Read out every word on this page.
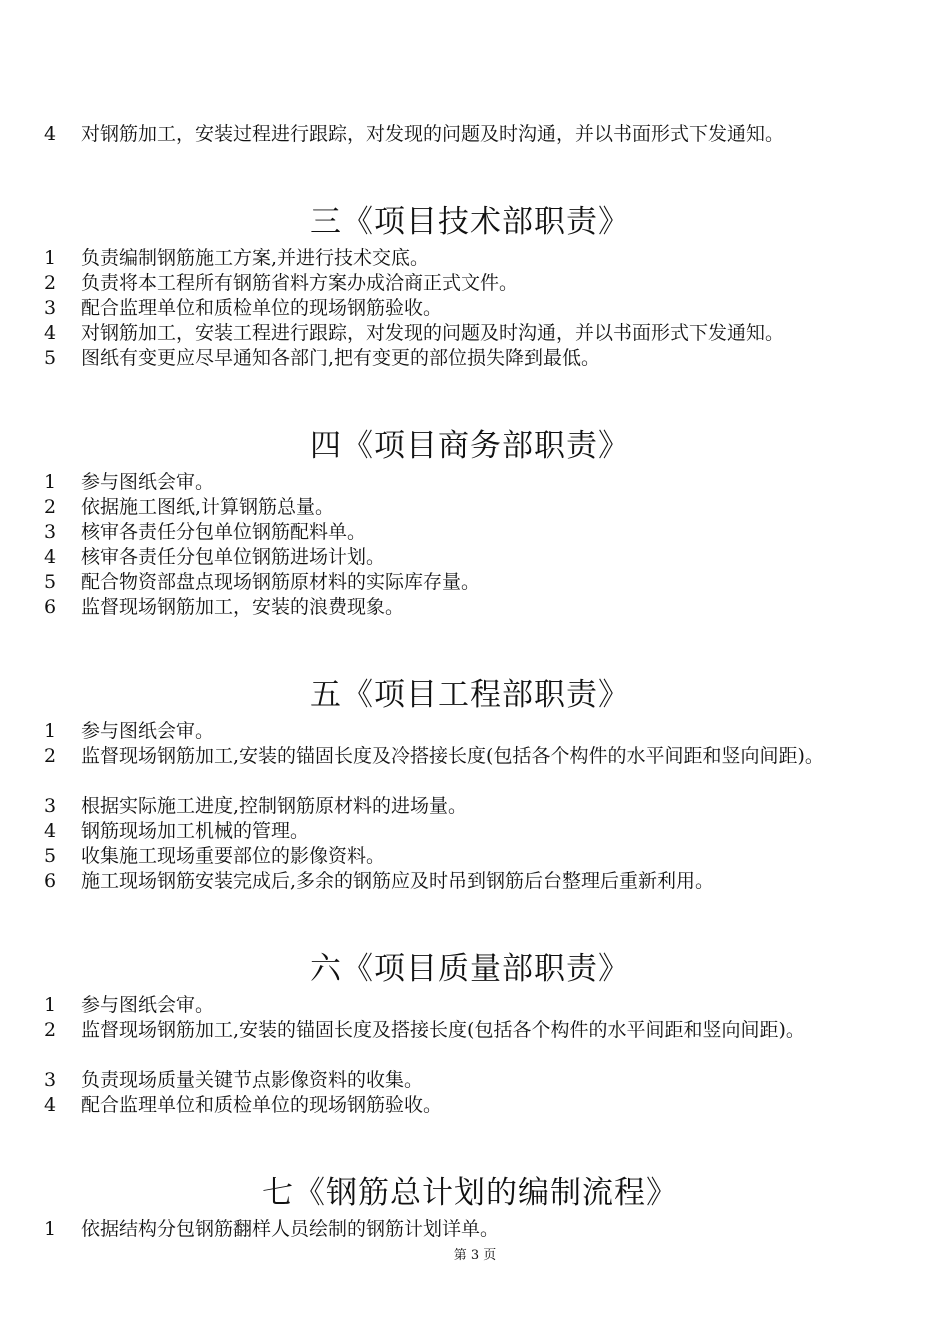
4	对钢筋加工，安装过程进行跟踪，对发现的问题及时沟通，并以书面形式下发通知。
三《项目技术部职责》
1	负责编制钢筋施工方案,并进行技术交底。
2	负责将本工程所有钢筋省料方案办成洽商正式文件。
3	配合监理单位和质检单位的现场钢筋验收。
4	对钢筋加工，安装工程进行跟踪，对发现的问题及时沟通，并以书面形式下发通知。
5	图纸有变更应尽早通知各部门,把有变更的部位损失降到最低。
四《项目商务部职责》
1	参与图纸会审。
2	依据施工图纸,计算钢筋总量。
3	核审各责任分包单位钢筋配料单。
4	核审各责任分包单位钢筋进场计划。
5	配合物资部盘点现场钢筋原材料的实际库存量。
6	监督现场钢筋加工，安装的浪费现象。
五《项目工程部职责》
1	参与图纸会审。
2	监督现场钢筋加工,安装的锚固长度及冷搭接长度(包括各个构件的水平间距和竖向间距)。
3	根据实际施工进度,控制钢筋原材料的进场量。
4	钢筋现场加工机械的管理。
5	收集施工现场重要部位的影像资料。
6	施工现场钢筋安装完成后,多余的钢筋应及时吊到钢筋后台整理后重新利用。
六《项目质量部职责》
1	参与图纸会审。
2	监督现场钢筋加工,安装的锚固长度及搭接长度(包括各个构件的水平间距和竖向间距)。
3	负责现场质量关键节点影像资料的收集。
4	配合监理单位和质检单位的现场钢筋验收。
七《钢筋总计划的编制流程》
1	依据结构分包钢筋翻样人员绘制的钢筋计划详单。
第 3 页
